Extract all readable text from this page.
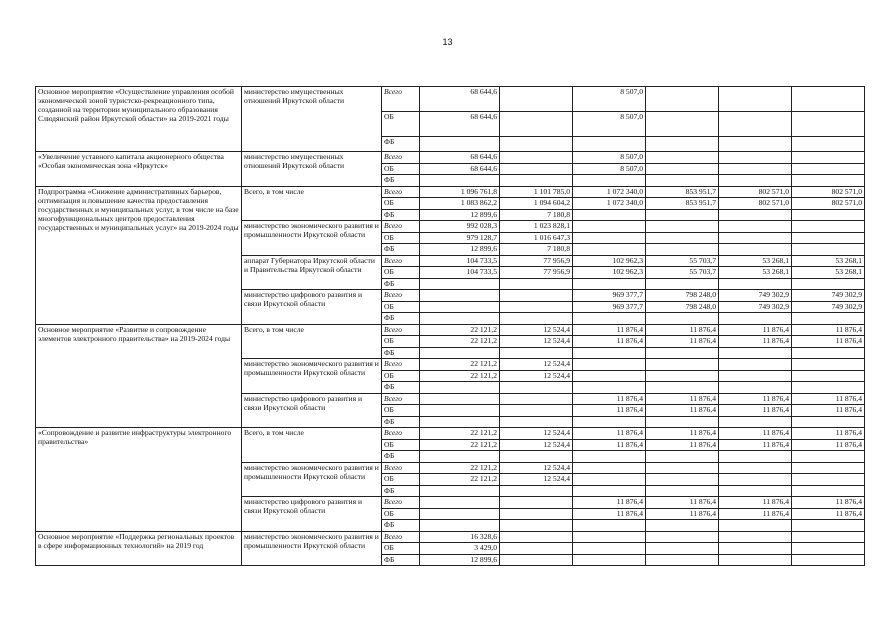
13
Основное мероприятие «Осуществление управления особой экономической зоной туристско-рекреационного типа, созданной на территории муниципального образования Слюдянский район Иркутской области» на 2019-2021 годы	министерство имущественных отношений Иркутской области	Всего	68 644,6		8 507,0			
		ОБ	68 644,6		8 507,0			
		ФБ						
«Увеличение уставного капитала акционерного общества «Особая экономическая зона «Иркутск»	министерство имущественных отношений Иркутской области	Всего	68 644,6		8 507,0			
		ОБ	68 644,6		8 507,0			
		ФБ						
Подпрограмма «Снижение административных барьеров, оптимизация и повышение качества предоставления государственных и муниципальных услуг, в том числе на базе многофункциональных центров предоставления государственных и муниципальных услуг» на 2019-2024 годы	Всего, в том числе	Всего	1 096 761,8	1 101 785,0	1 072 340,0	853 951,7	802 571,0	802 571,0
		ОБ	1 083 862,2	1 094 604,2	1 072 340,0	853 951,7	802 571,0	802 571,0
		ФБ	12 899,6	7 180,8				
	министерство экономического развития и промышленности Иркутской области	Всего	992 028,3	1 023 828,1				
		ОБ	979 128,7	1 016 647,3				
		ФБ	12 899,6	7 180,8				
	аппарат Губернатора Иркутской области и Правительства Иркутской области	Всего	104 733,5	77 956,9	102 962,3	55 703,7	53 268,1	53 268,1
		ОБ	104 733,5	77 956,9	102 962,3	55 703,7	53 268,1	53 268,1
		ФБ						
	министерство цифрового развития и связи Иркутской области	Всего			969 377,7	798 248,0	749 302,9	749 302,9
		ОБ			969 377,7	798 248,0	749 302,9	749 302,9
		ФБ						
Основное мероприятие «Развитие и сопровождение элементов электронного правительства» на 2019-2024 годы	Всего, в том числе	Всего	22 121,2	12 524,4	11 876,4	11 876,4	11 876,4	11 876,4
		ОБ	22 121,2	12 524,4	11 876,4	11 876,4	11 876,4	11 876,4
		ФБ						
	министерство экономического развития и промышленности Иркутской области	Всего	22 121,2	12 524,4				
		ОБ	22 121,2	12 524,4				
		ФБ						
	министерство цифрового развития и связи Иркутской области	Всего			11 876,4	11 876,4	11 876,4	11 876,4
		ОБ			11 876,4	11 876,4	11 876,4	11 876,4
		ФБ						
«Сопровождение и развитие инфраструктуры электронного правительства»	Всего, в том числе	Всего	22 121,2	12 524,4	11 876,4	11 876,4	11 876,4	11 876,4
		ОБ	22 121,2	12 524,4	11 876,4	11 876,4	11 876,4	11 876,4
		ФБ						
	министерство экономического развития и промышленности Иркутской области	Всего	22 121,2	12 524,4				
		ОБ	22 121,2	12 524,4				
		ФБ						
	министерство цифрового развития и связи Иркутской области	Всего			11 876,4	11 876,4	11 876,4	11 876,4
		ОБ			11 876,4	11 876,4	11 876,4	11 876,4
		ФБ						
Основное мероприятие «Поддержка региональных проектов в сфере информационных технологий» на 2019 год	министерство экономического развития и промышленности Иркутской области	Всего	16 328,6					
		ОБ	3 429,0					
		ФБ	12 899,6					
